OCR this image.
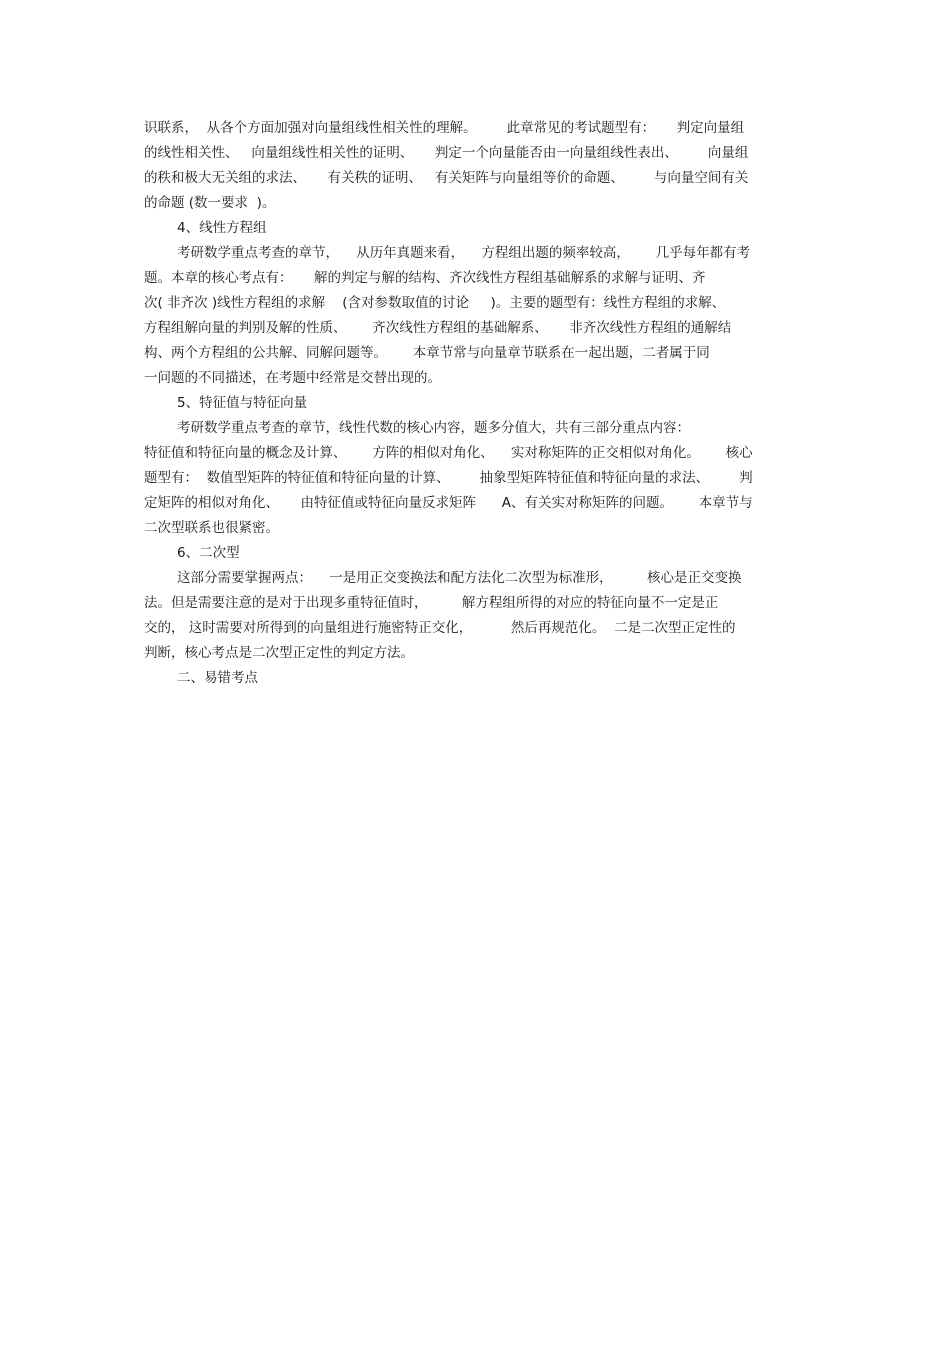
识联系，  从各个方面加强对向量组线性相关性的理解。       此章常见的考试题型有：     判定向量组
的线性相关性、   向量组线性相关性的证明、     判定一个向量能否由一向量组线性表出、       向量组
的秩和极大无关组的求法、     有关秩的证明、   有关矩阵与向量组等价的命题、       与向量空间有关
的命题 (数一要求  )。
4、线性方程组
考研数学重点考查的章节，    从历年真题来看，    方程组出题的频率较高，      几乎每年都有考
题。本章的核心考点有：     解的判定与解的结构、齐次线性方程组基础解系的求解与证明、齐
次( 非齐次 )线性方程组的求解    (含对参数取值的讨论     )。主要的题型有：线性方程组的求解、
方程组解向量的判别及解的性质、      齐次线性方程组的基础解系、     非齐次线性方程组的通解结
构、两个方程组的公共解、同解问题等。      本章节常与向量章节联系在一起出题，二者属于同
一问题的不同描述，在考题中经常是交替出现的。
5、特征值与特征向量
考研数学重点考查的章节，线性代数的核心内容，题多分值大，共有三部分重点内容：
特征值和特征向量的概念及计算、      方阵的相似对角化、    实对称矩阵的正交相似对角化。      核心
题型有：  数值型矩阵的特征值和特征向量的计算、       抽象型矩阵特征值和特征向量的求法、       判
定矩阵的相似对角化、     由特征值或特征向量反求矩阵      A、有关实对称矩阵的问题。      本章节与
二次型联系也很紧密。
6、二次型
这部分需要掌握两点：    一是用正交变换法和配方法化二次型为标准形，        核心是正交变换
法。但是需要注意的是对于出现多重特征值时，        解方程组所得的对应的特征向量不一定是正
交的， 这时需要对所得到的向量组进行施密特正交化，         然后再规范化。  二是二次型正定性的
判断，核心考点是二次型正定性的判定方法。
二、易错考点
